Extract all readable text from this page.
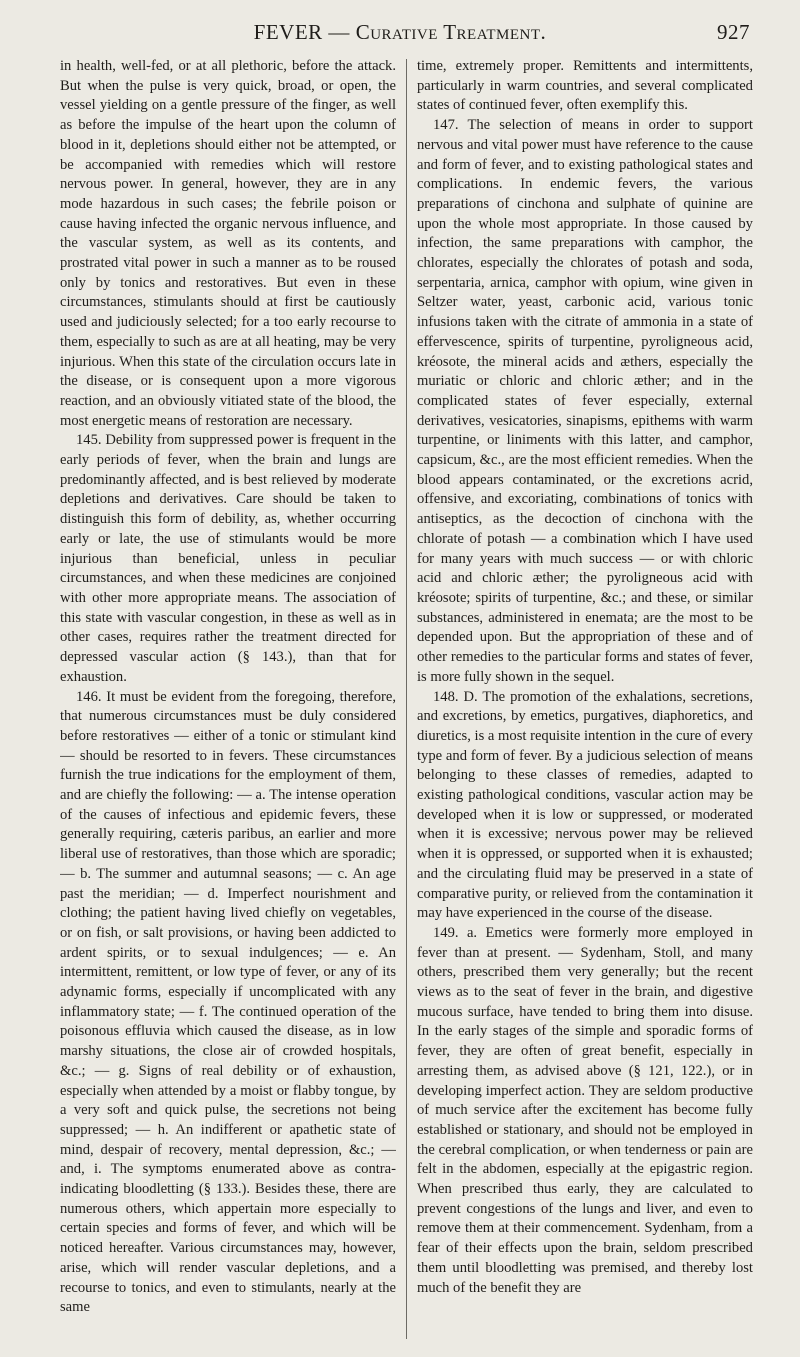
FEVER — Curative Treatment.	927

in health, well-fed, or at all plethoric, before the attack. But when the pulse is very quick, broad, or open, the vessel yielding on a gentle pressure of the finger, as well as before the impulse of the heart upon the column of blood in it, depletions should either not be attempted, or be accompanied with remedies which will restore nervous power. In general, however, they are in any mode hazardous in such cases; the febrile poison or cause having infected the organic nervous influence, and the vascular system, as well as its contents, and prostrated vital power in such a manner as to be roused only by tonics and restoratives. But even in these circumstances, stimulants should at first be cautiously used and judiciously selected; for a too early recourse to them, especially to such as are at all heating, may be very injurious. When this state of the circulation occurs late in the disease, or is consequent upon a more vigorous reaction, and an obviously vitiated state of the blood, the most energetic means of restoration are necessary.

145. Debility from suppressed power is frequent in the early periods of fever, when the brain and lungs are predominantly affected, and is best relieved by moderate depletions and derivatives. Care should be taken to distinguish this form of debility, as, whether occurring early or late, the use of stimulants would be more injurious than beneficial, unless in peculiar circumstances, and when these medicines are conjoined with other more appropriate means. The association of this state with vascular congestion, in these as well as in other cases, requires rather the treatment directed for depressed vascular action (§ 143.), than that for exhaustion.

146. It must be evident from the foregoing, therefore, that numerous circumstances must be duly considered before restoratives — either of a tonic or stimulant kind — should be resorted to in fevers. These circumstances furnish the true indications for the employment of them, and are chiefly the following: — a. The intense operation of the causes of infectious and epidemic fevers, these generally requiring, cæteris paribus, an earlier and more liberal use of restoratives, than those which are sporadic; — b. The summer and autumnal seasons; — c. An age past the meridian; — d. Imperfect nourishment and clothing; the patient having lived chiefly on vegetables, or on fish, or salt provisions, or having been addicted to ardent spirits, or to sexual indulgences; — e. An intermittent, remittent, or low type of fever, or any of its adynamic forms, especially if uncomplicated with any inflammatory state; — f. The continued operation of the poisonous effluvia which caused the disease, as in low marshy situations, the close air of crowded hospitals, &c.; — g. Signs of real debility or of exhaustion, especially when attended by a moist or flabby tongue, by a very soft and quick pulse, the secretions not being suppressed; — h. An indifferent or apathetic state of mind, despair of recovery, mental depression, &c.; — and, i. The symptoms enumerated above as contra-indicating bloodletting (§ 133.). Besides these, there are numerous others, which appertain more especially to certain species and forms of fever, and which will be noticed hereafter. Various circumstances may, however, arise, which will render vascular depletions, and a recourse to tonics, and even to stimulants, nearly at the same

time, extremely proper. Remittents and intermittents, particularly in warm countries, and several complicated states of continued fever, often exemplify this.

147. The selection of means in order to support nervous and vital power must have reference to the cause and form of fever, and to existing pathological states and complications. In endemic fevers, the various preparations of cinchona and sulphate of quinine are upon the whole most appropriate. In those caused by infection, the same preparations with camphor, the chlorates, especially the chlorates of potash and soda, serpentaria, arnica, camphor with opium, wine given in Seltzer water, yeast, carbonic acid, various tonic infusions taken with the citrate of ammonia in a state of effervescence, spirits of turpentine, pyroligneous acid, kréosote, the mineral acids and æthers, especially the muriatic or chloric and chloric æther; and in the complicated states of fever especially, external derivatives, vesicatories, sinapisms, epithems with warm turpentine, or liniments with this latter, and camphor, capsicum, &c., are the most efficient remedies. When the blood appears contaminated, or the excretions acrid, offensive, and excoriating, combinations of tonics with antiseptics, as the decoction of cinchona with the chlorate of potash — a combination which I have used for many years with much success — or with chloric acid and chloric æther; the pyroligneous acid with kréosote; spirits of turpentine, &c.; and these, or similar substances, administered in enemata; are the most to be depended upon. But the appropriation of these and of other remedies to the particular forms and states of fever, is more fully shown in the sequel.

148. D. The promotion of the exhalations, secretions, and excretions, by emetics, purgatives, diaphoretics, and diuretics, is a most requisite intention in the cure of every type and form of fever. By a judicious selection of means belonging to these classes of remedies, adapted to existing pathological conditions, vascular action may be developed when it is low or suppressed, or moderated when it is excessive; nervous power may be relieved when it is oppressed, or supported when it is exhausted; and the circulating fluid may be preserved in a state of comparative purity, or relieved from the contamination it may have experienced in the course of the disease.

149. a. Emetics were formerly more employed in fever than at present. — Sydenham, Stoll, and many others, prescribed them very generally; but the recent views as to the seat of fever in the brain, and digestive mucous surface, have tended to bring them into disuse. In the early stages of the simple and sporadic forms of fever, they are often of great benefit, especially in arresting them, as advised above (§ 121, 122.), or in developing imperfect action. They are seldom productive of much service after the excitement has become fully established or stationary, and should not be employed in the cerebral complication, or when tenderness or pain are felt in the abdomen, especially at the epigastric region. When prescribed thus early, they are calculated to prevent congestions of the lungs and liver, and even to remove them at their commencement. Sydenham, from a fear of their effects upon the brain, seldom prescribed them until bloodletting was premised, and thereby lost much of the benefit they are
